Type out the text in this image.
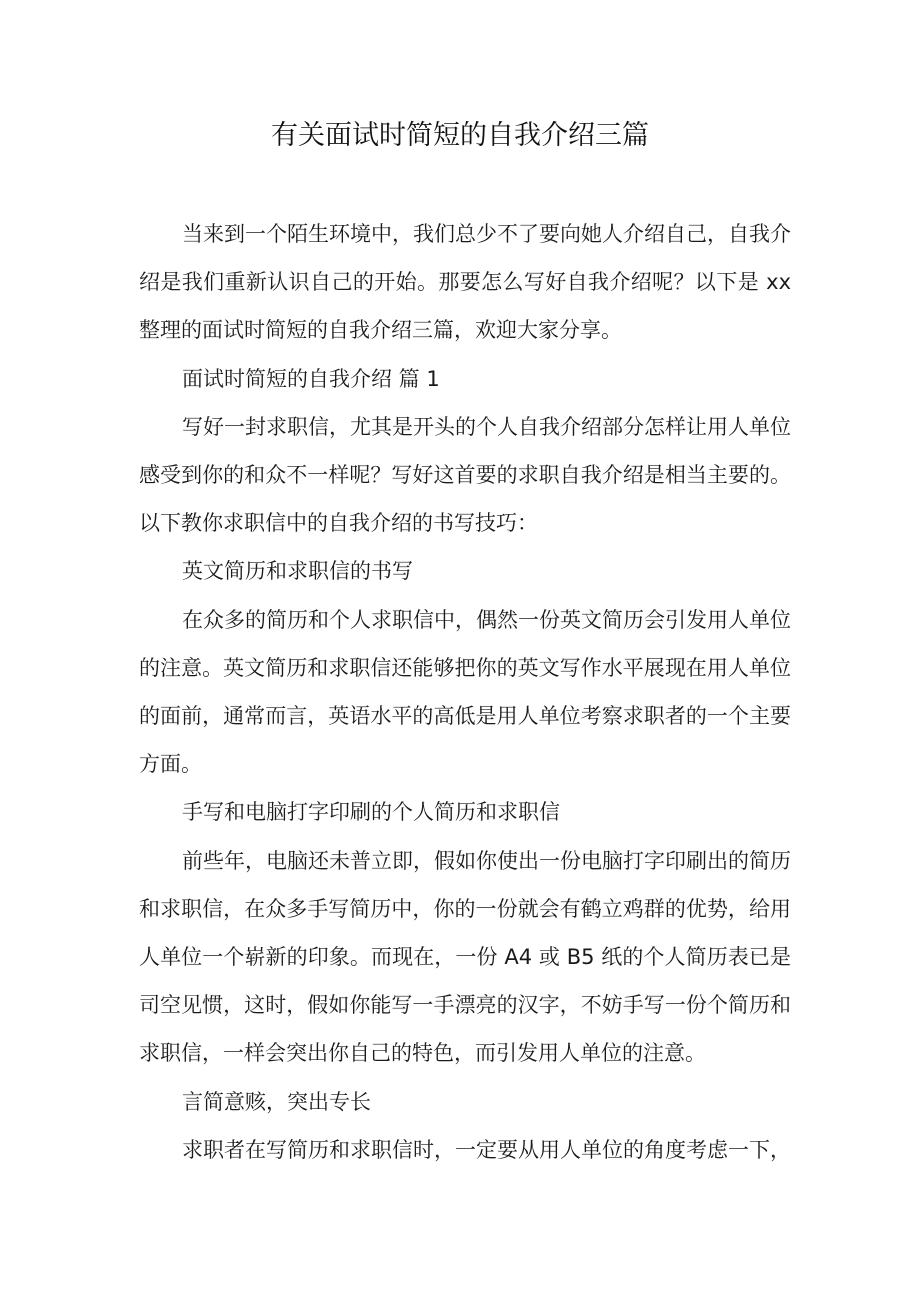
有关面试时简短的自我介绍三篇

当来到一个陌生环境中，我们总少不了要向她人介绍自己，自我介绍是我们重新认识自己的开始。那要怎么写好自我介绍呢？以下是 xx 整理的面试时简短的自我介绍三篇，欢迎大家分享。

面试时简短的自我介绍 篇 1

写好一封求职信，尤其是开头的个人自我介绍部分怎样让用人单位感受到你的和众不一样呢？写好这首要的求职自我介绍是相当主要的。以下教你求职信中的自我介绍的书写技巧：

英文简历和求职信的书写

在众多的简历和个人求职信中，偶然一份英文简历会引发用人单位的注意。英文简历和求职信还能够把你的英文写作水平展现在用人单位的面前，通常而言，英语水平的高低是用人单位考察求职者的一个主要方面。

手写和电脑打字印刷的个人简历和求职信

前些年，电脑还未普立即，假如你使出一份电脑打字印刷出的简历和求职信，在众多手写简历中，你的一份就会有鹤立鸡群的优势，给用人单位一个崭新的印象。而现在，一份 A4 或 B5 纸的个人简历表已是司空见惯，这时，假如你能写一手漂亮的汉字，不妨手写一份个简历和求职信，一样会突出你自己的特色，而引发用人单位的注意。

言简意赅，突出专长

求职者在写简历和求职信时，一定要从用人单位的角度考虑一下，
